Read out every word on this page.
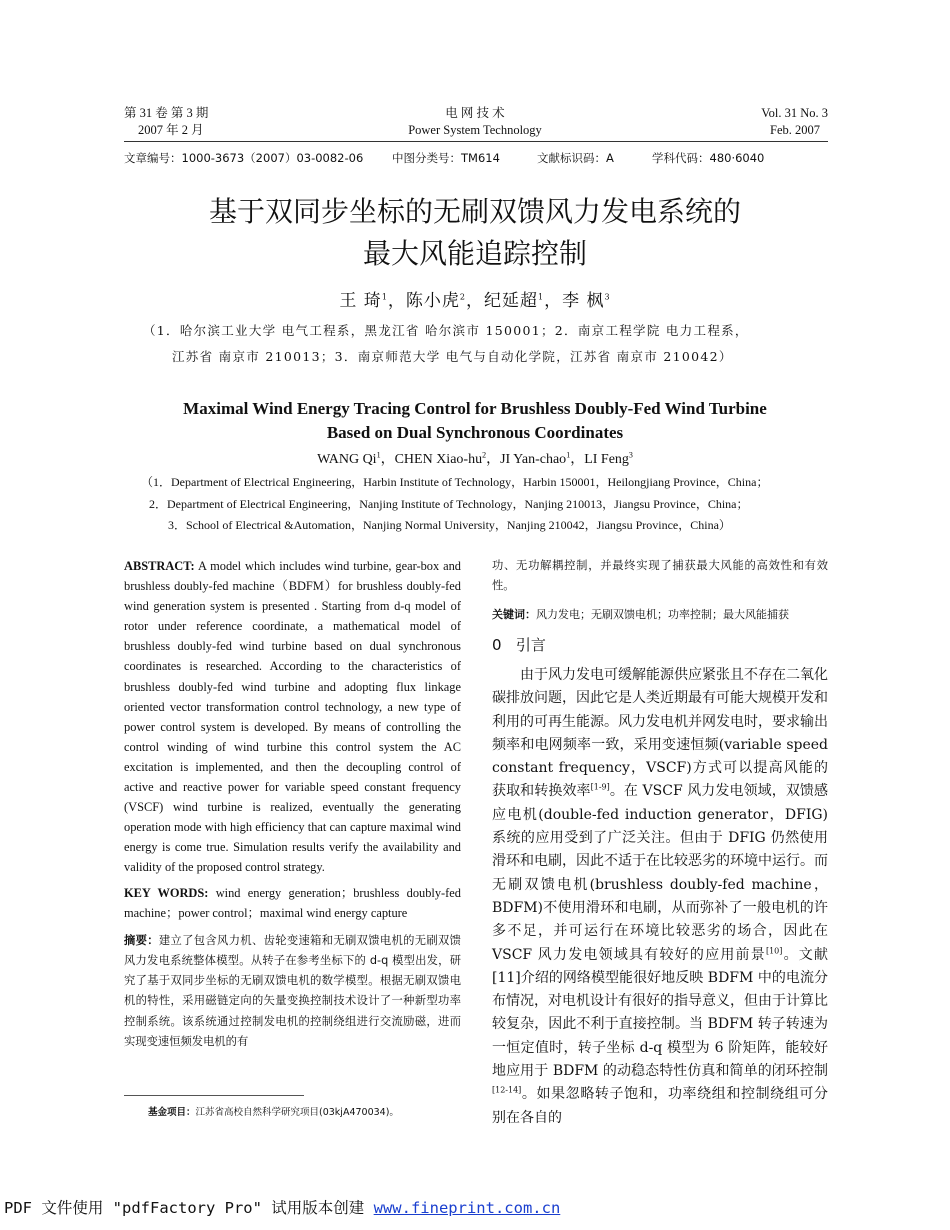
第 31 卷 第 3 期
2007 年 2 月
电 网 技 术
Power System Technology
Vol. 31 No. 3
Feb. 2007
文章编号：1000-3673（2007）03-0082-06 中图分类号：TM614	文献标识码：A	学科代码：480·6040
基于双同步坐标的无刷双馈风力发电系统的
最大风能追踪控制
王 琦$^1$，陈小虎$^2$，纪延超$^1$，李 枫$^3$
（1．哈尔滨工业大学 电气工程系，黑龙江省 哈尔滨市 150001；2．南京工程学院 电力工程系，
江苏省 南京市 210013；3．南京师范大学 电气与自动化学院，江苏省 南京市 210042）
Maximal Wind Energy Tracing Control for Brushless Doubly-Fed Wind Turbine
Based on Dual Synchronous Coordinates
WANG Qi$^1$，CHEN Xiao-$hu^2$，JI Yan-chao$^1$，LI Feng$^3$
（1．Department of Electrical Engineering，Harbin Institute of Technology，Harbin 150001，Heilongjiang Province，China；
2．Department of Electrical Engineering，Nanjing Institute of Technology，Nanjing 210013，Jiangsu Province，China；
3．School of Electrical &Automation，Nanjing Normal University，Nanjing 210042，Jiangsu Province，China）
ABSTRACT: A model which includes wind turbine, gear-box and brushless doubly-fed machine（BDFM）for brushless doubly-fed wind generation system is presented . Starting from d-q model of rotor under reference coordinate, a mathematical model of brushless doubly-fed wind turbine based on dual synchronous coordinates is researched. According to the characteristics of brushless doubly-fed wind turbine and adopting flux linkage oriented vector transformation control technology, a new type of power control system is developed. By means of controlling the control winding of wind turbine this control system the AC excitation is implemented, and then the decoupling control of active and reactive power for variable speed constant frequency (VSCF) wind turbine is realized, eventually the generating operation mode with high efficiency that can capture maximal wind energy is come true. Simulation results verify the availability and validity of the proposed control strategy.
KEY WORDS: wind energy generation；brushless doubly-fed machine；power control；maximal wind energy capture
摘要：建立了包含风力机、齿轮变速箱和无刷双馈电机的无刷双馈风力发电系统整体模型。从转子在参考坐标下的 d-q 模型出发，研究了基于双同步坐标的无刷双馈电机的数学模型。根据无刷双馈电机的特性，采用磁链定向的矢量变换控制技术设计了一种新型功率控制系统。该系统通过控制发电机的控制绕组进行交流励磁，进而实现变速恒频发电机的有
基金项目：江苏省高校自然科学研究项目(03kjA470034)。
功、无功解耦控制，并最终实现了捕获最大风能的高效性和有效性。
关键词：风力发电；无刷双馈电机；功率控制；最大风能捕获
0 引言
由于风力发电可缓解能源供应紧张且不存在二氧化碳排放问题，因此它是人类近期最有可能大规模开发和利用的可再生能源。风力发电机并网发电时，要求输出频率和电网频率一致，采用变速恒频(variable speed constant frequency，VSCF)方式可以提高风能的获取和转换效率[1-9]。在 VSCF 风力发电领域，双馈感应电机(double-fed induction generator，DFIG)系统的应用受到了广泛关注。但由于 DFIG 仍然使用滑环和电刷，因此不适于在比较恶劣的环境中运行。而无刷双馈电机(brushless doubly-fed machine，BDFM)不使用滑环和电刷，从而弥补了一般电机的许多不足，并可运行在环境比较恶劣的场合，因此在 VSCF 风力发电领域具有较好的应用前景[10]。文献[11]介绍的网络模型能很好地反映 BDFM 中的电流分布情况，对电机设计有很好的指导意义，但由于计算比较复杂，因此不利于直接控制。当 BDFM 转子转速为一恒定值时，转子坐标 d-q 模型为 6 阶矩阵，能较好地应用于 BDFM 的动稳态特性仿真和简单的闭环控制[12-14]。如果忽略转子饱和，功率绕组和控制绕组可分别在各自的
PDF 文件使用 "pdfFactory Pro" 试用版本创建 www.fineprint.com.cn
